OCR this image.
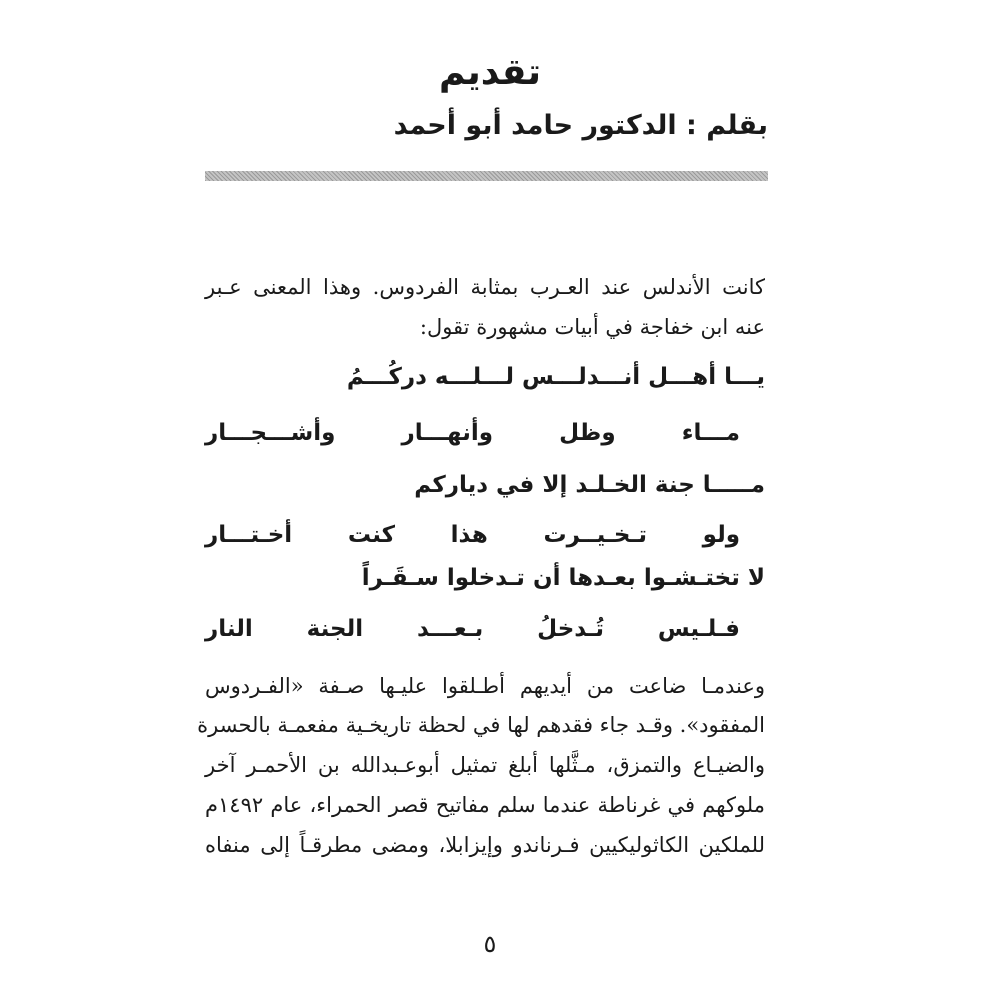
تقديم
بقلم : الدكتور حامد أبو أحمد
كانت الأندلس عند العـرب بمثابة الفردوس. وهذا المعنى عـبر
عنه ابن خفاجة في أبيات مشهورة تقول:
يـــا أهـــل أنـــدلـــس لـــلـــه دركُـــمُ
مـــاء وظل وأنهـــار وأشـــجـــار
مـــــا جنة الخـلـد إلا في دياركم
ولو تـخـيــرت هذا كنت أخـتـــار
لا تختـشـوا بعـدها أن تـدخلوا سـقَـراً
فـلـيس تُـدخلُ بـعـــد الجنة النار
وعندمـا ضاعت من أيديهم أطـلقوا عليـها صـفة «الفـردوس
المفقود». وقـد جاء فقدهم لها في لحظة تاريخـية مفعمـة بالحسرة
والضيـاع والتمزق، مـثَّلها أبلغ تمثيل أبوعـبدالله بن الأحمـر آخر
ملوكهم في غرناطة عندما سلم مفاتيح قصر الحمراء، عام ١٤٩٢م
للملكين الكاثوليكيين فـرناندو وإيزابلا، ومضى مطرقـاً إلى منفاه
٥
